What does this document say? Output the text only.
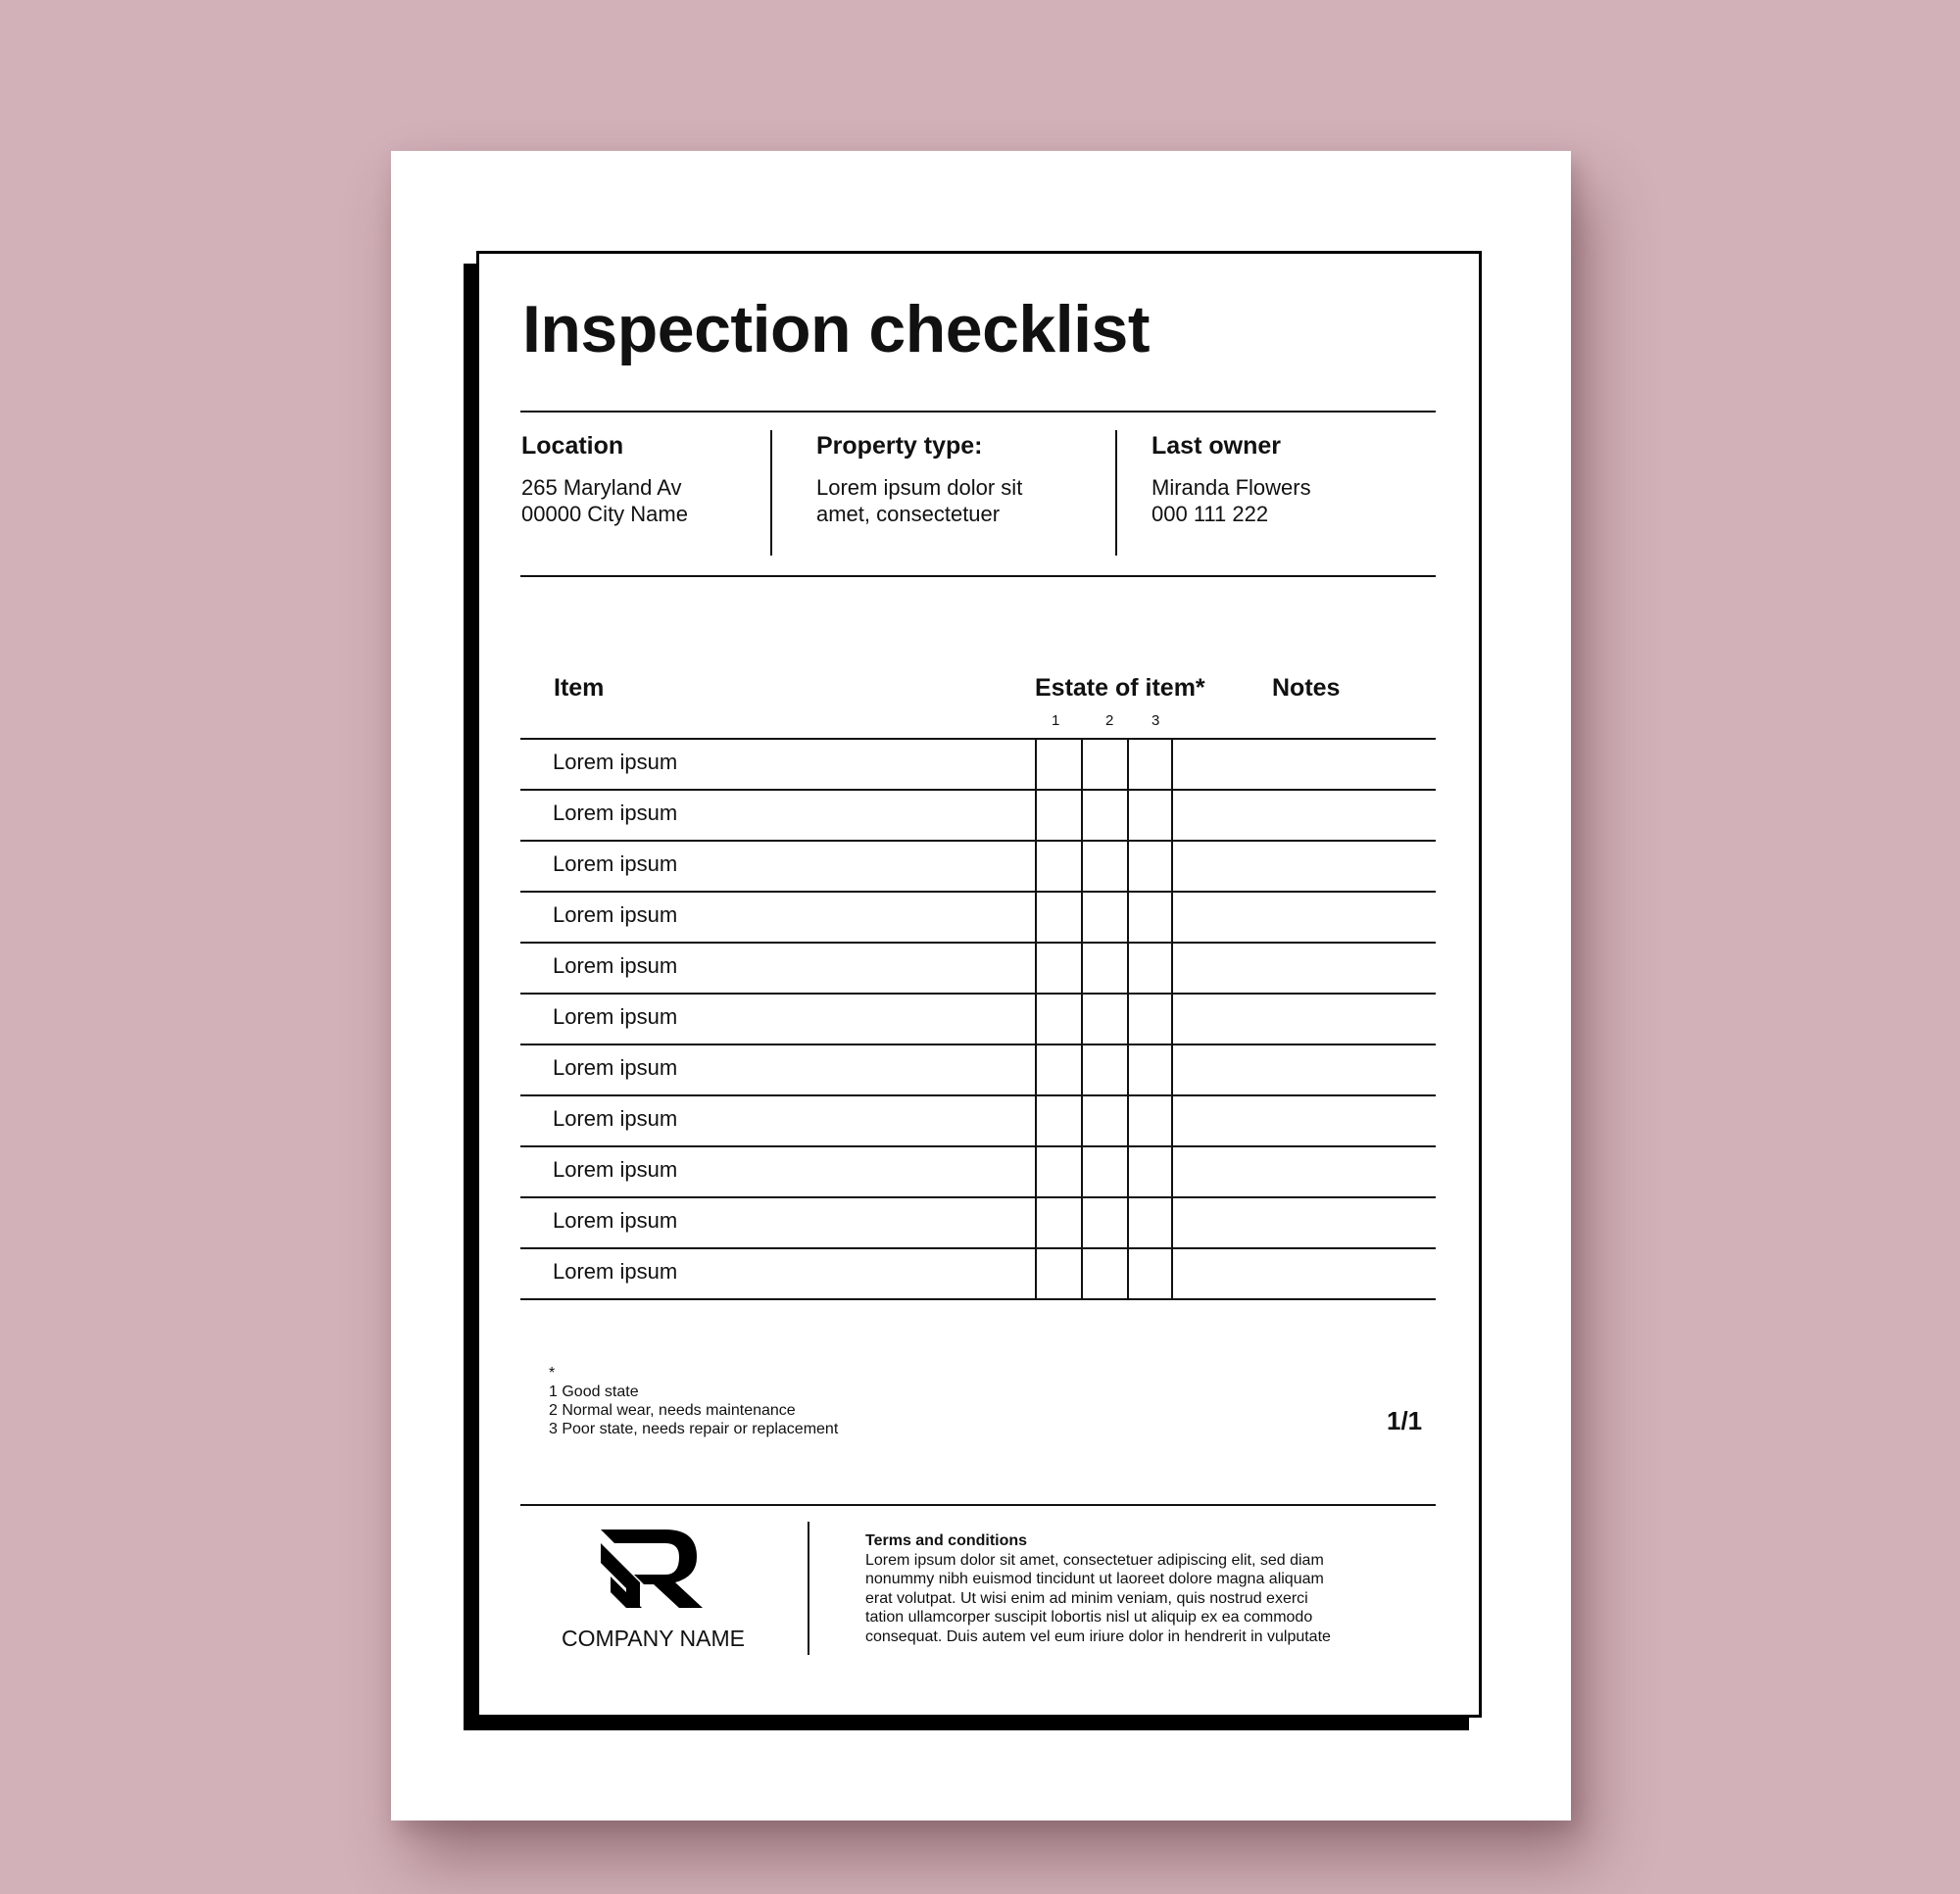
Inspection checklist
Location
265 Maryland Av
00000 City Name
Property type:
Lorem ipsum dolor sit
amet, consectetuer
Last owner
Miranda Flowers
000 111 222
Item	Estate of item*	Notes
1	2	3
Lorem ipsum
Lorem ipsum
Lorem ipsum
Lorem ipsum
Lorem ipsum
Lorem ipsum
Lorem ipsum
Lorem ipsum
Lorem ipsum
Lorem ipsum
Lorem ipsum
*
1 Good state
2 Normal wear, needs maintenance
3 Poor state, needs repair or replacement	1/1
COMPANY NAME
Terms and conditions
Lorem ipsum dolor sit amet, consectetuer adipiscing elit, sed diam
nonummy nibh euismod tincidunt ut laoreet dolore magna aliquam
erat volutpat. Ut wisi enim ad minim veniam, quis nostrud exerci
tation ullamcorper suscipit lobortis nisl ut aliquip ex ea commodo
consequat. Duis autem vel eum iriure dolor in hendrerit in vulputate
